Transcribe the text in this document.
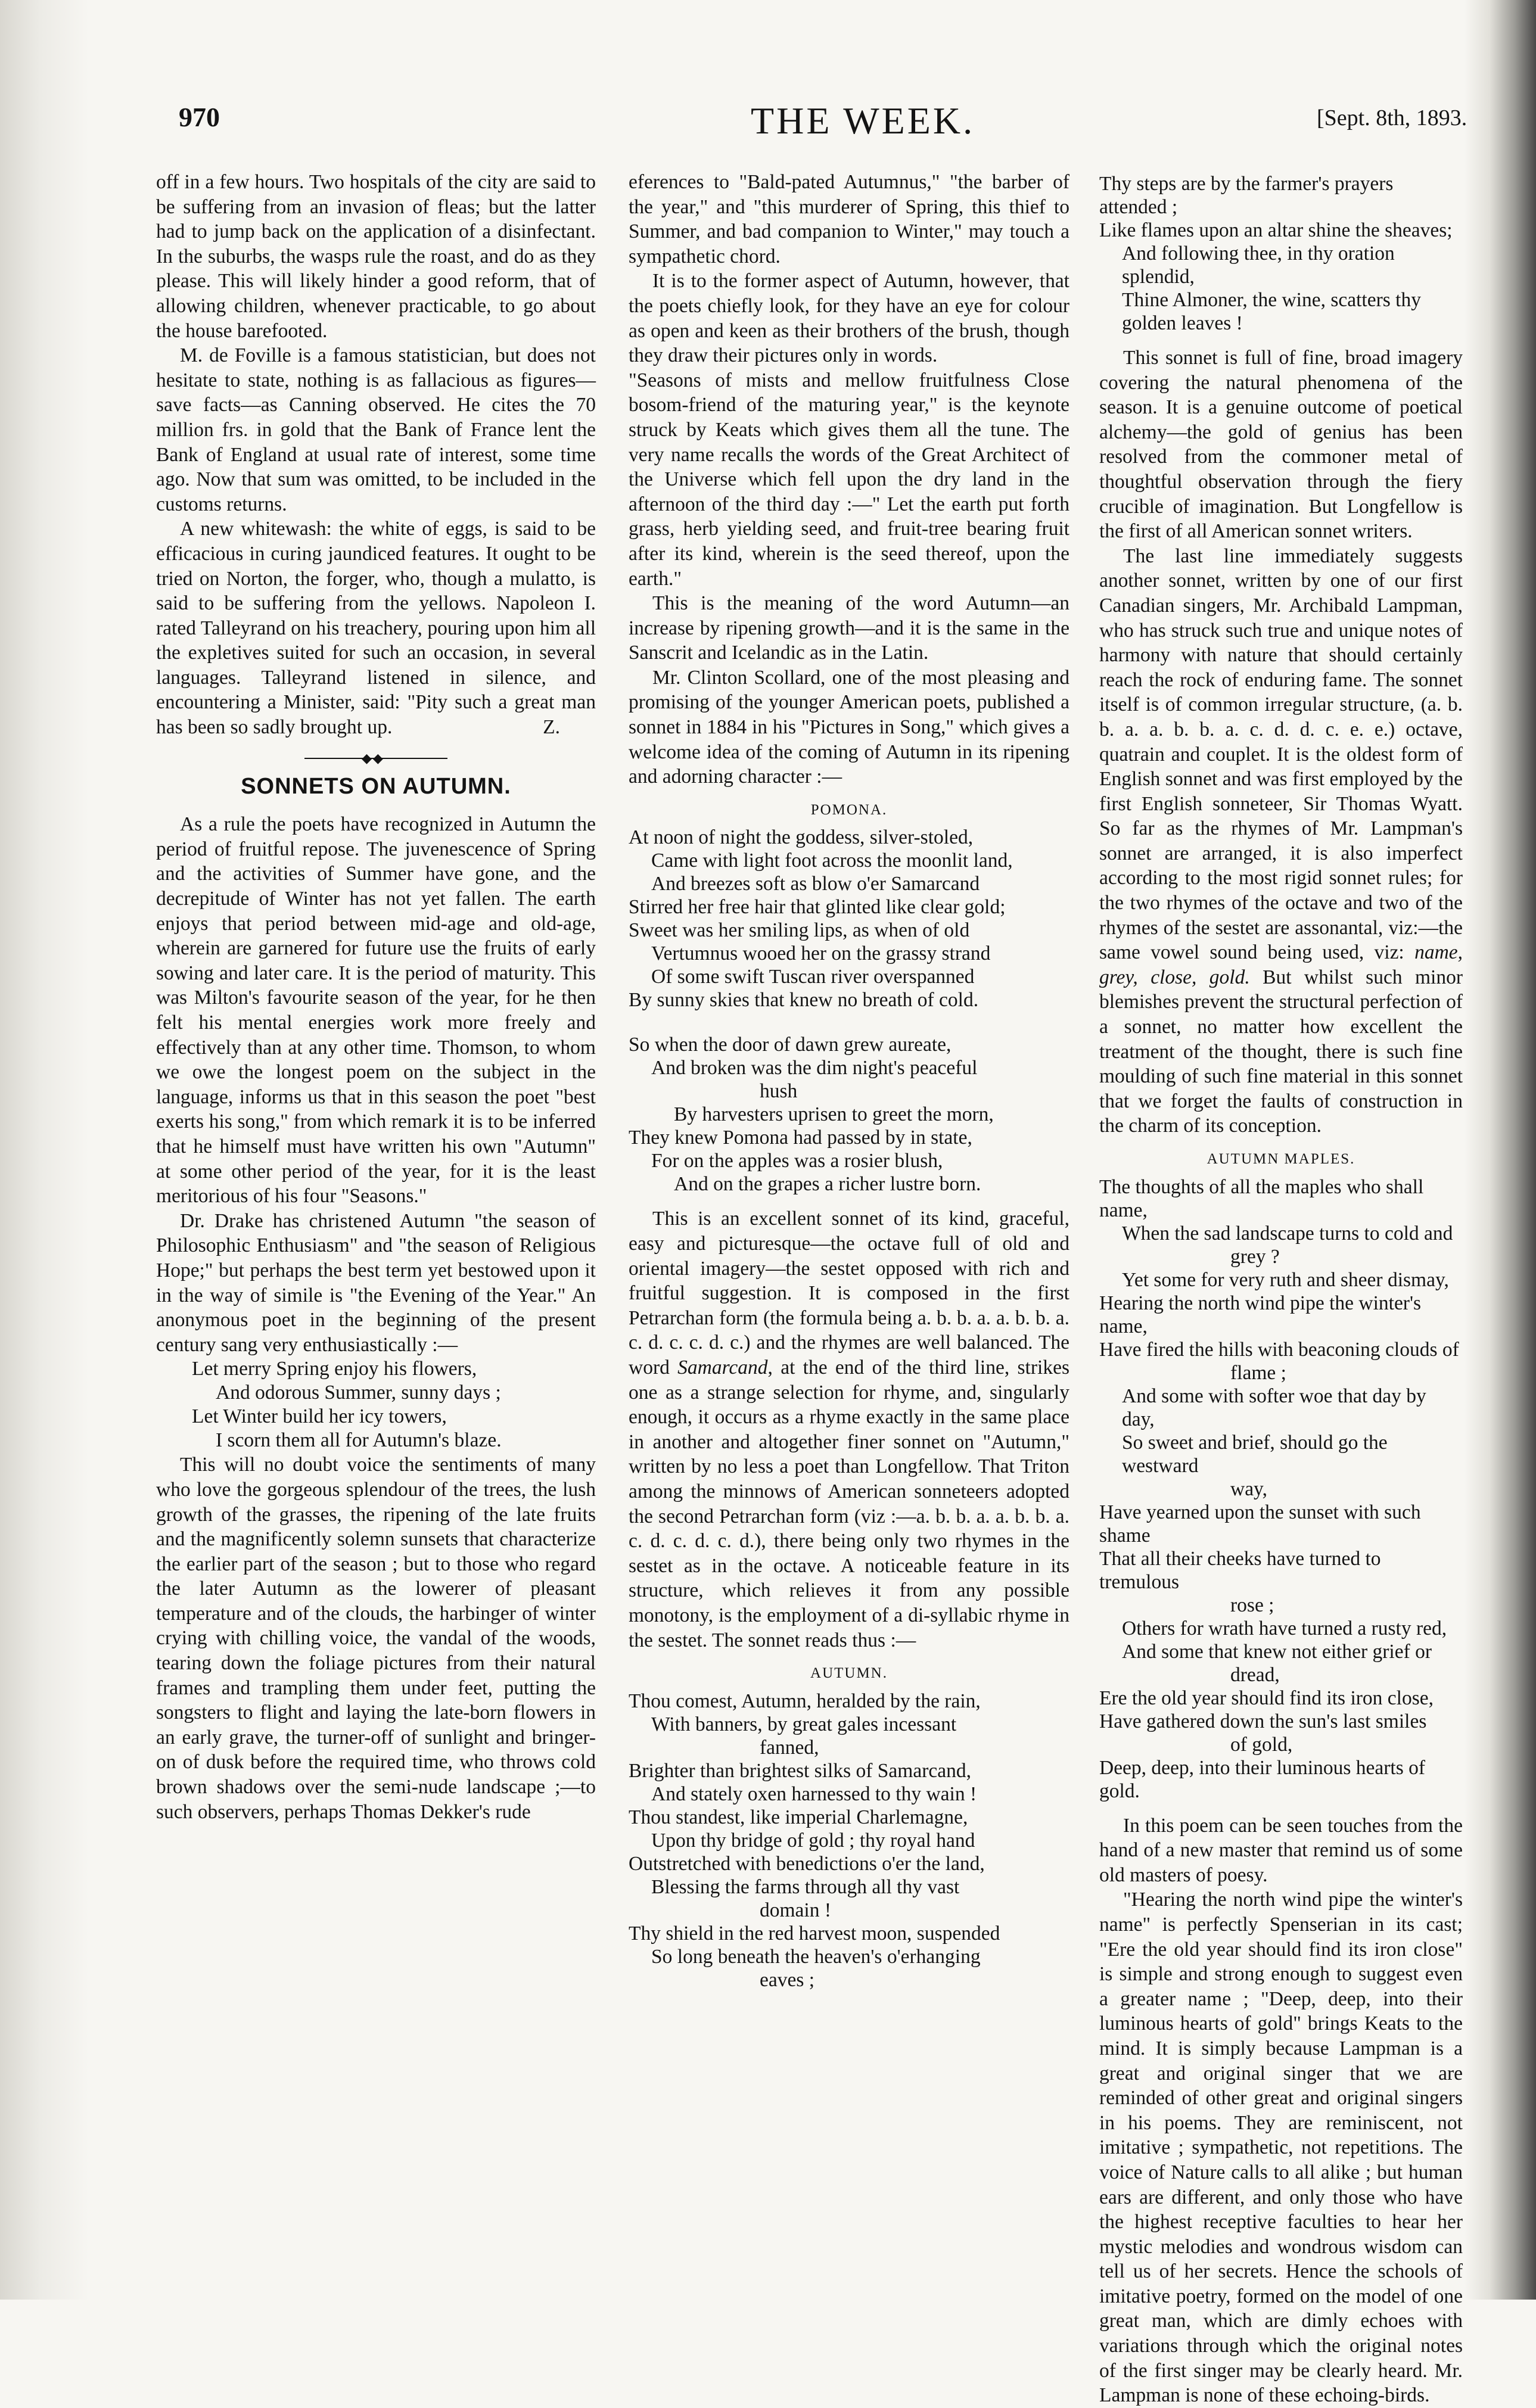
970	THE WEEK.	[Sept. 8th, 1893.

off in a few hours. Two hospitals of the city are said to be suffering from an invasion of fleas; but the latter had to jump back on the application of a disinfectant. In the suburbs, the wasps rule the roast, and do as they please. This will likely hinder a good reform, that of allowing children, whenever practicable, to go about the house barefooted.

M. de Foville is a famous statistician, but does not hesitate to state, nothing is as fallacious as figures—save facts—as Canning observed. He cites the 70 million frs. in gold that the Bank of France lent the Bank of England at usual rate of interest, some time ago. Now that sum was omitted, to be included in the customs returns.

A new whitewash: the white of eggs, is said to be efficacious in curing jaundiced features. It ought to be tried on Norton, the forger, who, though a mulatto, is said to be suffering from the yellows. Napoleon I. rated Talleyrand on his treachery, pouring upon him all the expletives suited for such an occasion, in several languages. Talleyrand listened in silence, and encountering a Minister, said: "Pity such a great man has been so sadly brought up.	Z.

◆◆
SONNETS ON AUTUMN.

As a rule the poets have recognized in Autumn the period of fruitful repose. The juvenescence of Spring and the activities of Summer have gone, and the decrepitude of Winter has not yet fallen. The earth enjoys that period between mid-age and old-age, wherein are garnered for future use the fruits of early sowing and later care. It is the period of maturity. This was Milton's favourite season of the year, for he then felt his mental energies work more freely and effectively than at any other time. Thomson, to whom we owe the longest poem on the subject in the language, informs us that in this season the poet "best exerts his song," from which remark it is to be inferred that he himself must have written his own "Autumn" at some other period of the year, for it is the least meritorious of his four "Seasons."

Dr. Drake has christened Autumn "the season of Philosophic Enthusiasm" and "the season of Religious Hope;" but perhaps the best term yet bestowed upon it in the way of simile is "the Evening of the Year." An anonymous poet in the beginning of the present century sang very enthusiastically :—

Let merry Spring enjoy his flowers,
And odorous Summer, sunny days ;
Let Winter build her icy towers,
I scorn them all for Autumn's blaze.

This will no doubt voice the sentiments of many who love the gorgeous splendour of the trees, the lush growth of the grasses, the ripening of the late fruits and the magnificently solemn sunsets that characterize the earlier part of the season ; but to those who regard the later Autumn as the lowerer of pleasant temperature and of the clouds, the harbinger of winter crying with chilling voice, the vandal of the woods, tearing down the foliage pictures from their natural frames and trampling them under feet, putting the songsters to flight and laying the late-born flowers in an early grave, the turner-off of sunlight and bringer-on of dusk before the required time, who throws cold brown shadows over the semi-nude landscape ;—to such observers, perhaps Thomas Dekker's rude

eferences to "Bald-pated Autumnus," "the barber of the year," and "this murderer of Spring, this thief to Summer, and bad companion to Winter," may touch a sympathetic chord.

It is to the former aspect of Autumn, however, that the poets chiefly look, for they have an eye for colour as open and keen as their brothers of the brush, though they draw their pictures only in words.

"Seasons of mists and mellow fruitfulness Close bosom-friend of the maturing year," is the keynote struck by Keats which gives them all the tune. The very name recalls the words of the Great Architect of the Universe which fell upon the dry land in the afternoon of the third day :—" Let the earth put forth grass, herb yielding seed, and fruit-tree bearing fruit after its kind, wherein is the seed thereof, upon the earth."

This is the meaning of the word Autumn—an increase by ripening growth—and it is the same in the Sanscrit and Icelandic as in the Latin.

Mr. Clinton Scollard, one of the most pleasing and promising of the younger American poets, published a sonnet in 1884 in his "Pictures in Song," which gives a welcome idea of the coming of Autumn in its ripening and adorning character :—

POMONA.
At noon of night the goddess, silver-stoled,
Came with light foot across the moonlit land,
And breezes soft as blow o'er Samarcand
Stirred her free hair that glinted like clear gold;
Sweet was her smiling lips, as when of old
Vertumnus wooed her on the grassy strand
Of some swift Tuscan river overspanned
By sunny skies that knew no breath of cold.
So when the door of dawn grew aureate,
And broken was the dim night's peaceful
hush
By harvesters uprisen to greet the morn,
They knew Pomona had passed by in state,
For on the apples was a rosier blush,
And on the grapes a richer lustre born.

This is an excellent sonnet of its kind, graceful, easy and picturesque—the octave full of old and oriental imagery—the sestet opposed with rich and fruitful suggestion. It is composed in the first Petrarchan form (the formula being a. b. b. a. a. b. b. a. c. d. c. c. d. c.) and the rhymes are well balanced. The word Samarcand, at the end of the third line, strikes one as a strange selection for rhyme, and, singularly enough, it occurs as a rhyme exactly in the same place in another and altogether finer sonnet on "Autumn," written by no less a poet than Longfellow. That Triton among the minnows of American sonneteers adopted the second Petrarchan form (viz :—a. b. b. a. a. b. b. a. c. d. c. d. c. d.), there being only two rhymes in the sestet as in the octave. A noticeable feature in its structure, which relieves it from any possible monotony, is the employment of a di-syllabic rhyme in the sestet. The sonnet reads thus :—

AUTUMN.
Thou comest, Autumn, heralded by the rain,
With banners, by great gales incessant
fanned,
Brighter than brightest silks of Samarcand,
And stately oxen harnessed to thy wain !
Thou standest, like imperial Charlemagne,
Upon thy bridge of gold ; thy royal hand
Outstretched with benedictions o'er the land,
Blessing the farms through all thy vast
domain !
Thy shield in the red harvest moon, suspended
So long beneath the heaven's o'erhanging
eaves ;
Thy steps are by the farmer's prayers attended ;
Like flames upon an altar shine the sheaves;
And following thee, in thy oration splendid,
Thine Almoner, the wine, scatters thy golden leaves !

This sonnet is full of fine, broad imagery covering the natural phenomena of the season. It is a genuine outcome of poetical alchemy—the gold of genius has been resolved from the commoner metal of thoughtful observation through the fiery crucible of imagination. But Longfellow is the first of all American sonnet writers.

The last line immediately suggests another sonnet, written by one of our first Canadian singers, Mr. Archibald Lampman, who has struck such true and unique notes of harmony with nature that should certainly reach the rock of enduring fame. The sonnet itself is of common irregular structure, (a. b. b. a. a. b. b. a. c. d. d. c. e. e.) octave, quatrain and couplet. It is the oldest form of English sonnet and was first employed by the first English sonneteer, Sir Thomas Wyatt. So far as the rhymes of Mr. Lampman's sonnet are arranged, it is also imperfect according to the most rigid sonnet rules; for the two rhymes of the octave and two of the rhymes of the sestet are assonantal, viz:—the same vowel sound being used, viz: name, grey, close, gold. But whilst such minor blemishes prevent the structural perfection of a sonnet, no matter how excellent the treatment of the thought, there is such fine moulding of such fine material in this sonnet that we forget the faults of construction in the charm of its conception.

AUTUMN MAPLES.
The thoughts of all the maples who shall name,
When the sad landscape turns to cold and
grey ?
Yet some for very ruth and sheer dismay,
Hearing the north wind pipe the winter's name,
Have fired the hills with beaconing clouds of
flame ;
And some with softer woe that day by day,
So sweet and brief, should go the westward
way,
Have yearned upon the sunset with such shame
That all their cheeks have turned to tremulous
rose ;
Others for wrath have turned a rusty red,
And some that knew not either grief or
dread,
Ere the old year should find its iron close,
Have gathered down the sun's last smiles
of gold,
Deep, deep, into their luminous hearts of gold.

In this poem can be seen touches from the hand of a new master that remind us of some old masters of poesy.

"Hearing the north wind pipe the winter's name" is perfectly Spenserian in its cast; "Ere the old year should find its iron close" is simple and strong enough to suggest even a greater name ; "Deep, deep, into their luminous hearts of gold" brings Keats to the mind. It is simply because Lampman is a great and original singer that we are reminded of other great and original singers in his poems. They are reminiscent, not imitative ; sympathetic, not repetitions. The voice of Nature calls to all alike ; but human ears are different, and only those who have the highest receptive faculties to hear her mystic melodies and wondrous wisdom can tell us of her secrets. Hence the schools of imitative poetry, formed on the model of one great man, which are dimly echoes with variations through which the original notes of the first singer may be clearly heard. Mr. Lampman is none of these echoing-birds.
